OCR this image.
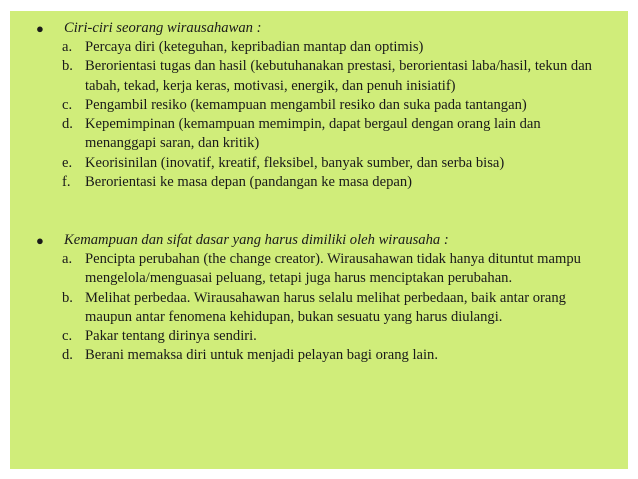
● Ciri-ciri seorang wirausahawan :
a. Percaya diri (keteguhan, kepribadian mantap dan optimis)
b. Berorientasi tugas dan hasil (kebutuhanakan prestasi, berorientasi laba/hasil, tekun dan tabah, tekad, kerja keras, motivasi, energik, dan penuh inisiatif)
c. Pengambil resiko (kemampuan mengambil resiko dan suka pada tantangan)
d. Kepemimpinan (kemampuan memimpin, dapat bergaul dengan orang lain dan menanggapi saran, dan kritik)
e. Keorisinilan (inovatif, kreatif, fleksibel, banyak sumber, dan serba bisa)
f. Berorientasi ke masa depan (pandangan ke masa depan)
● Kemampuan dan sifat dasar yang harus dimiliki oleh wirausaha :
a. Pencipta perubahan (the change creator). Wirausahawan tidak hanya dituntut mampu mengelola/menguasai peluang, tetapi juga harus menciptakan perubahan.
b. Melihat perbedaa. Wirausahawan harus selalu melihat perbedaan, baik antar orang maupun antar fenomena kehidupan, bukan sesuatu yang harus diulangi.
c. Pakar tentang dirinya sendiri.
d. Berani memaksa diri untuk menjadi pelayan bagi orang lain.
